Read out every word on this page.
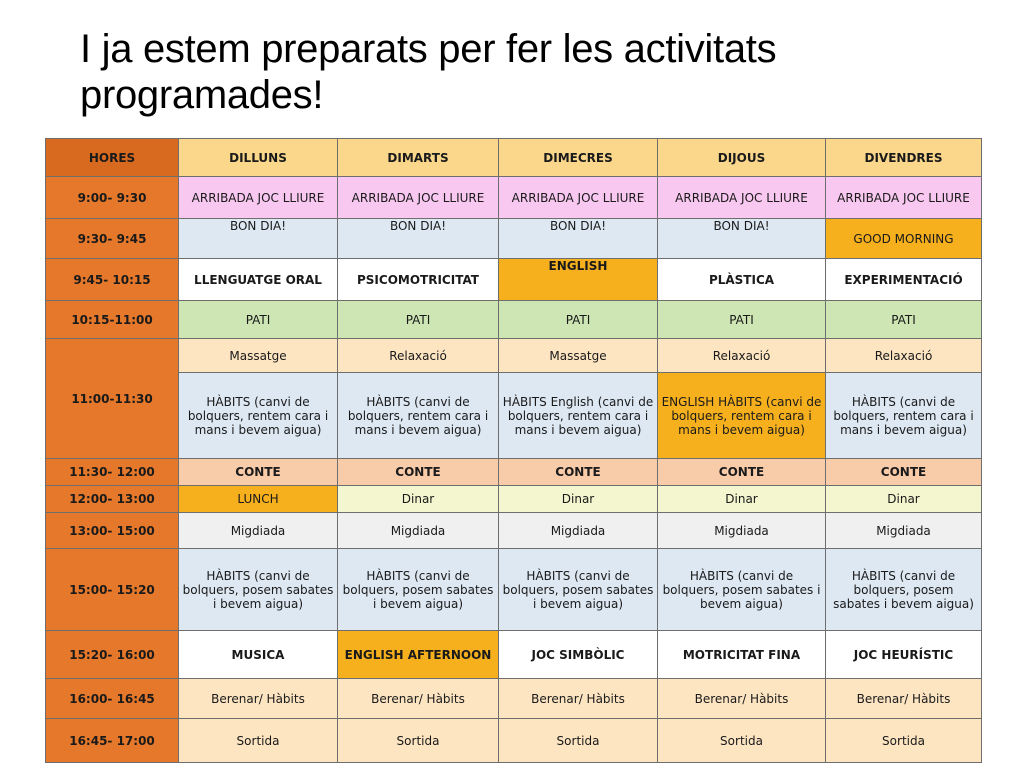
I ja estem preparats per fer les activitats programades!
HORES	DILLUNS	DIMARTS	DIMECRES	DIJOUS	DIVENDRES
9:00- 9:30	ARRIBADA JOC LLIURE	ARRIBADA JOC LLIURE	ARRIBADA JOC LLIURE	ARRIBADA JOC LLIURE	ARRIBADA JOC LLIURE
9:30- 9:45	BON DIA!	BON DIA!	BON DIA!	BON DIA!	GOOD MORNING
9:45- 10:15	LLENGUATGE ORAL	PSICOMOTRICITAT	ENGLISH	PLÀSTICA	EXPERIMENTACIÓ
10:15-11:00	PATI	PATI	PATI	PATI	PATI
11:00-11:30	Massatge	Relaxació	Massatge	Relaxació	Relaxació
	HÀBITS (canvi de bolquers, rentem cara i mans i bevem aigua)	HÀBITS (canvi de bolquers, rentem cara i mans i bevem aigua)	HÀBITS English (canvi de bolquers, rentem cara i mans i bevem aigua)	ENGLISH HÀBITS (canvi de bolquers, rentem cara i mans i bevem aigua)	HÀBITS (canvi de bolquers, rentem cara i mans i bevem aigua)
11:30- 12:00	CONTE	CONTE	CONTE	CONTE	CONTE
12:00- 13:00	LUNCH	Dinar	Dinar	Dinar	Dinar
13:00- 15:00	Migdiada	Migdiada	Migdiada	Migdiada	Migdiada
15:00- 15:20	HÀBITS (canvi de bolquers, posem sabates i bevem aigua)	HÀBITS (canvi de bolquers, posem sabates i bevem aigua)	HÀBITS (canvi de bolquers, posem sabates i bevem aigua)	HÀBITS (canvi de bolquers, posem sabates i bevem aigua)	HÀBITS (canvi de bolquers, posem sabates i bevem aigua)
15:20- 16:00	MUSICA	ENGLISH AFTERNOON	JOC SIMBÒLIC	MOTRICITAT FINA	JOC HEURÍSTIC
16:00- 16:45	Berenar/ Hàbits	Berenar/ Hàbits	Berenar/ Hàbits	Berenar/ Hàbits	Berenar/ Hàbits
16:45- 17:00	Sortida	Sortida	Sortida	Sortida	Sortida
